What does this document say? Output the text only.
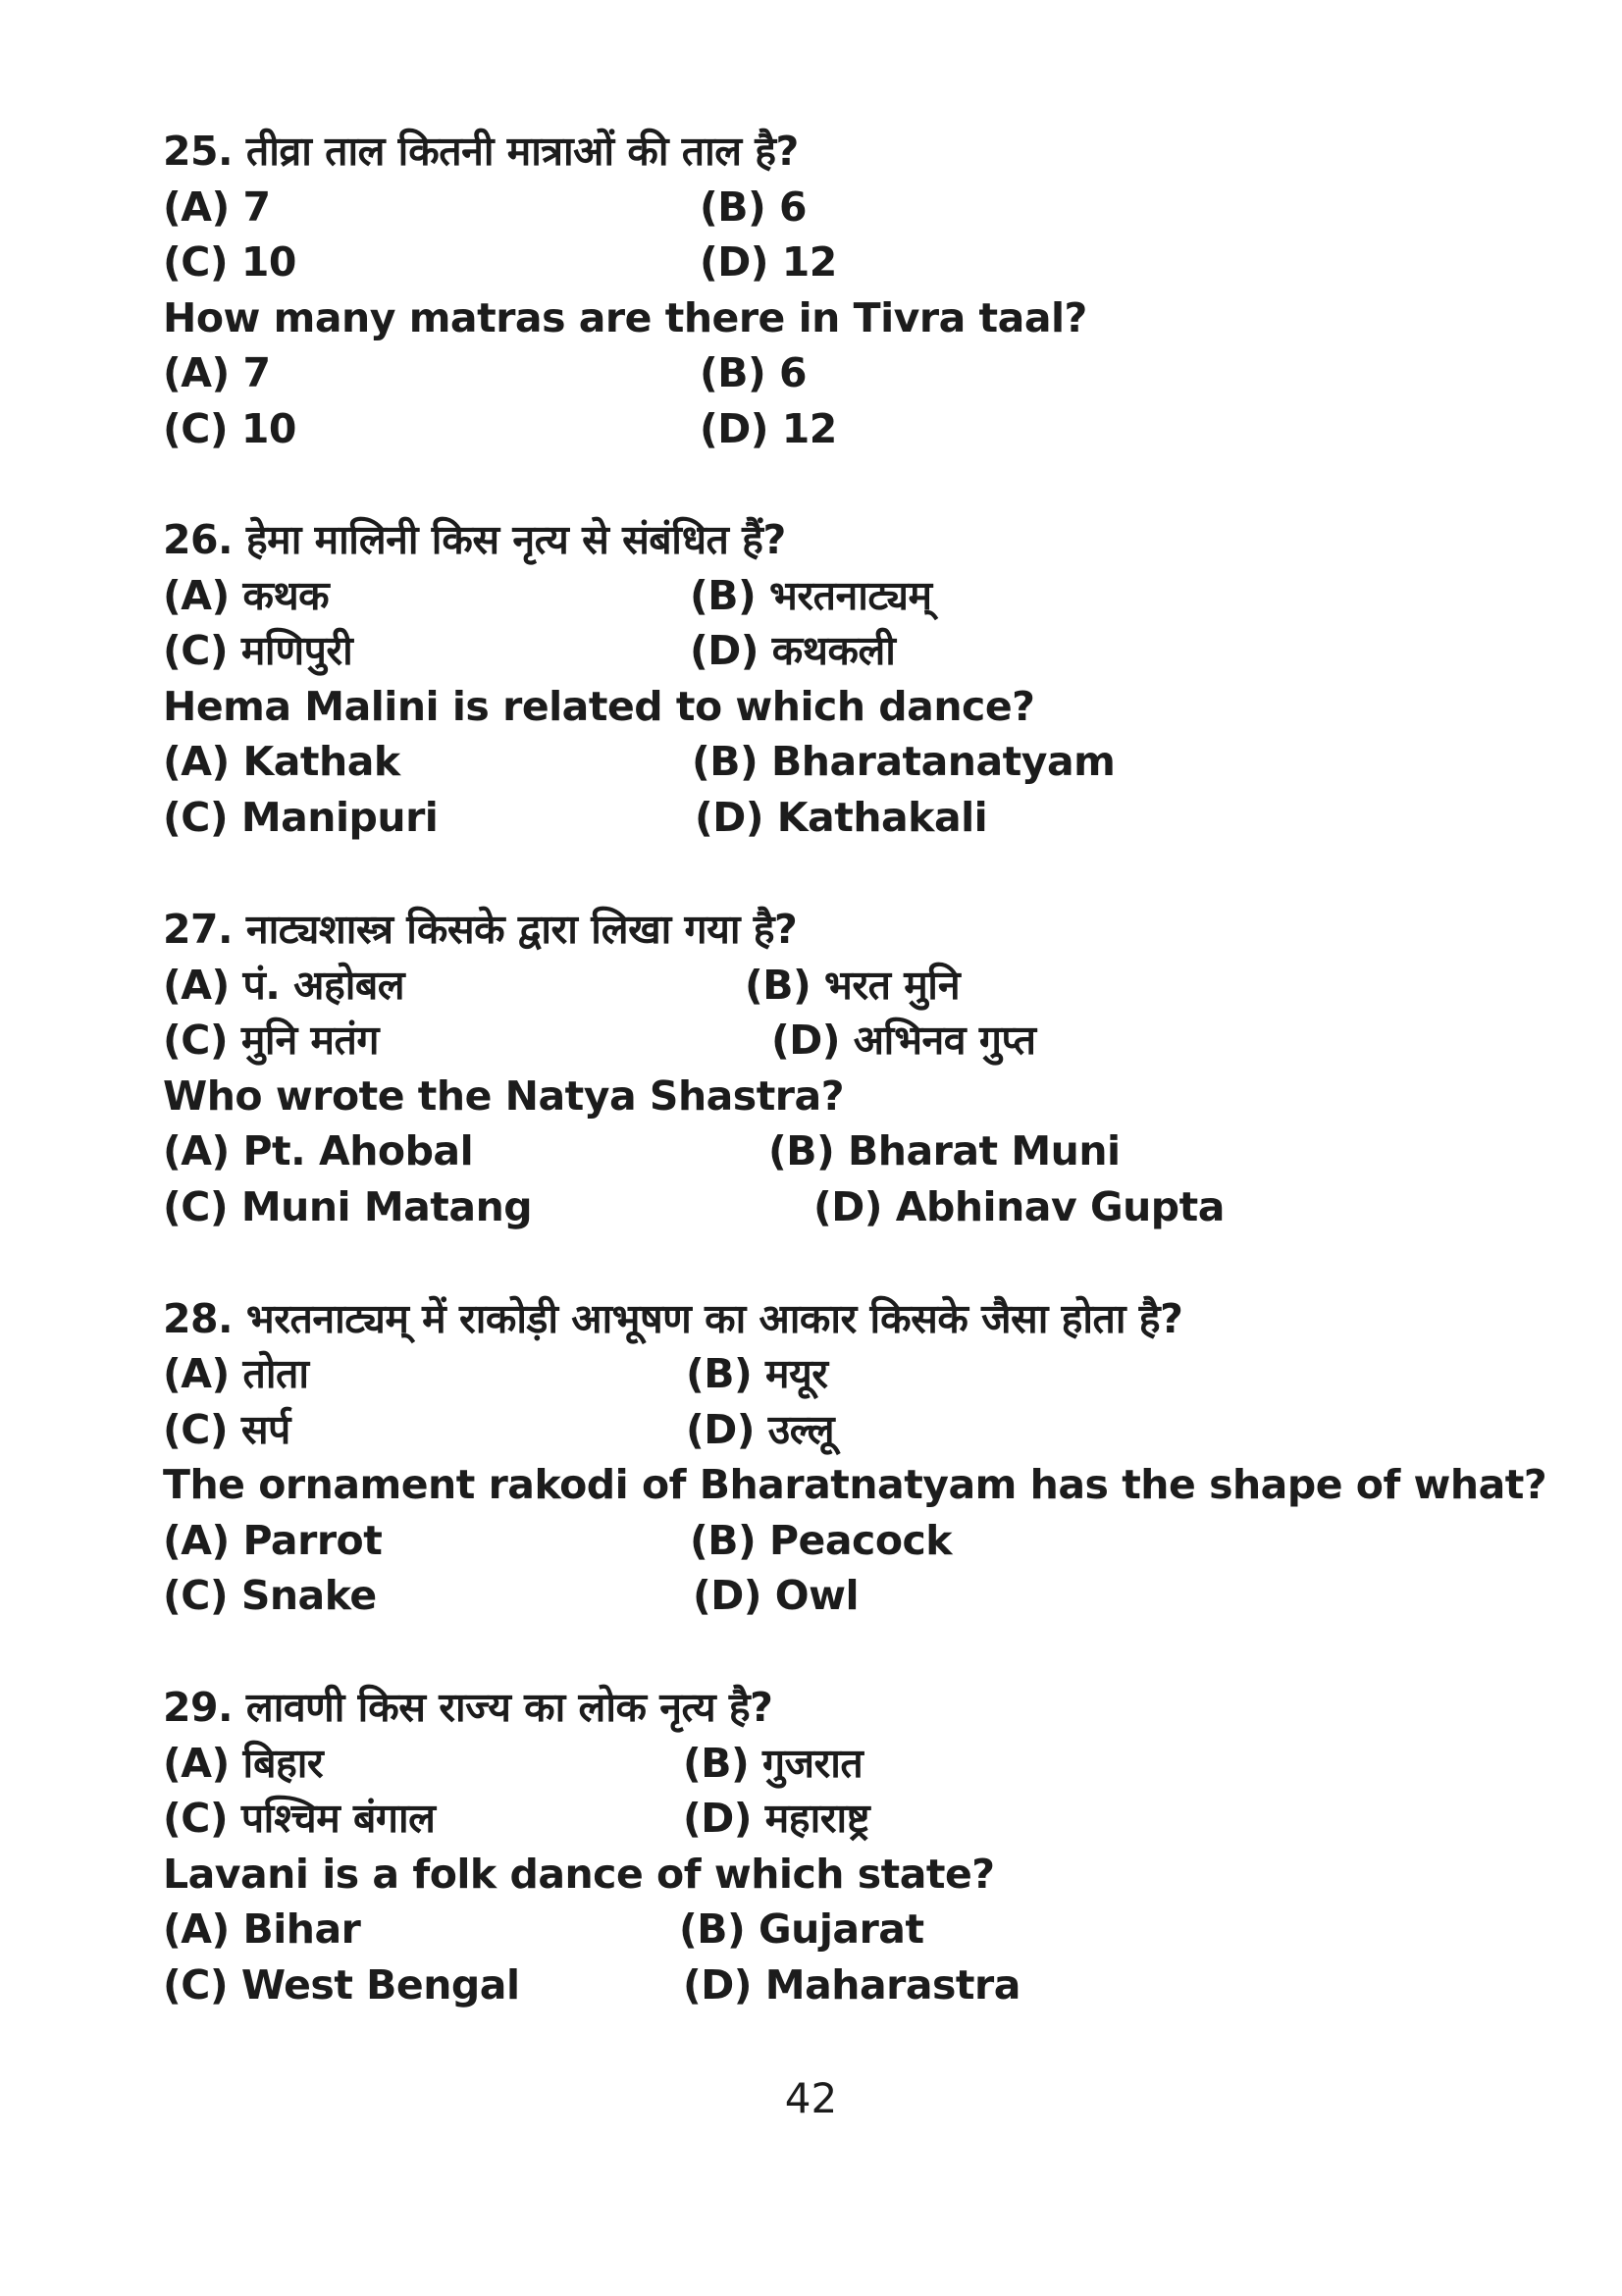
25. तीव्रा ताल कितनी मात्राओं की ताल है?
(A) 7	(B) 6
(C) 10	(D) 12
How many matras are there in Tivra taal?
(A) 7	(B) 6
(C) 10	(D) 12
26. हेमा मालिनी किस नृत्य से संबंधित हैं?
(A) कथक	(B) भरतनाट्यम्
(C) मणिपुरी	(D) कथकली
Hema Malini is related to which dance?
(A) Kathak	(B) Bharatanatyam
(C) Manipuri	(D) Kathakali
27. नाट्यशास्त्र किसके द्वारा लिखा गया है?
(A) पं. अहोबल	(B) भरत मुनि
(C) मुनि मतंग	(D) अभिनव गुप्त
Who wrote the Natya Shastra?
(A) Pt. Ahobal	(B) Bharat Muni
(C) Muni Matang	(D) Abhinav Gupta
28. भरतनाट्यम् में राकोड़ी आभूषण का आकार किसके जैसा होता है?
(A) तोता	(B) मयूर
(C) सर्प	(D) उल्लू
The ornament rakodi of Bharatnatyam has the shape of what?
(A) Parrot	(B) Peacock
(C) Snake	(D) Owl
29. लावणी किस राज्य का लोक नृत्य है?
(A) बिहार	(B) गुजरात
(C) पश्चिम बंगाल	(D) महाराष्ट्र
Lavani is a folk dance of which state?
(A) Bihar	(B) Gujarat
(C) West Bengal	(D) Maharastra
42
